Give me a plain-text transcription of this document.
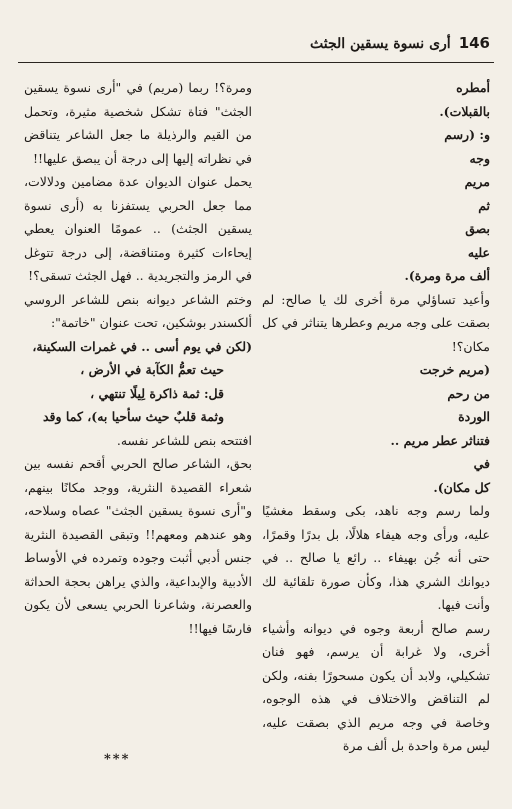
أرى نسوة يسقين الجثث 146
أمطره
بالقبلات).
و: (رسم
وجه
مريم
ثم
بصق
عليه
ألف مرة ومرة).

وأعيد تساؤلي مرة أخرى لك يا صالح: لم بصقت على وجه مريم وعطرها يتناثر في كل مكان؟!

(مريم خرجت
من رحم
الوردة
فتناثر عطر مريم ..
في
كل مكان).

ولما رسم وجه ناهد، بكى وسقط مغشيًا عليه، ورأى وجه هيفاء هلالًا، بل بدرًا وقمرًا، حتى أنه جُن بهيفاء .. رائع يا صالح .. في ديوانك الشري هذا، وكأن صورة تلقائية لك وأنت فيها.

رسم صالح أربعة وجوه في ديوانه وأشياء أخرى، ولا غرابة أن يرسم، فهو فنان تشكيلي، ولابد أن يكون مسحورًا بفنه، ولكن لم التناقض والاختلاف في هذه الوجوه، وخاصة في وجه مريم الذي بصقت عليه، ليس مرة واحدة بل ألف مرة

ومرة؟! ربما (مريم) في "أرى نسوة يسقين الجثث" فتاة تشكل شخصية مثيرة، وتحمل من القيم والرذيلة ما جعل الشاعر يتناقض في نظراته إليها إلى درجة أن يبصق عليها!!

يحمل عنوان الديوان عدة مضامين ودلالات، مما جعل الحربي يستفزنا به (أرى نسوة يسقين الجثث) .. عمومًا العنوان يعطي إيحاءات كثيرة ومتناقضة، إلى درجة تتوغل في الرمز والتجريدية .. فهل الجثث تسقى؟!

وختم الشاعر ديوانه بنص للشاعر الروسي ألكسندر بوشكين، تحت عنوان "خاتمة":

(لكن في يوم أسى .. في غمرات السكينة،

حيث تعمُّ الكآبة في الأرض ،
قل: ثمة ذاكرة لِيلًا تنتهي ،
وثمة قلبٌ حيث سأحيا به)، كما وقد

افتتحه بنص للشاعر نفسه.

بحق، الشاعر صالح الحربي أقحم نفسه بين شعراء القصيدة النثرية، ووجد مكانًا بينهم، و"أرى نسوة يسقين الجثث" عصاه وسلاحه، وهو عندهم ومعهم!! وتبقى القصيدة النثرية جنس أدبي أثبت وجوده وتمرده في الأوساط الأدبية والإبداعية، والذي يراهن بحجة الحداثة والعصرنة، وشاعرنا الحربي يسعى لأن يكون فارسًا فيها!!

***
